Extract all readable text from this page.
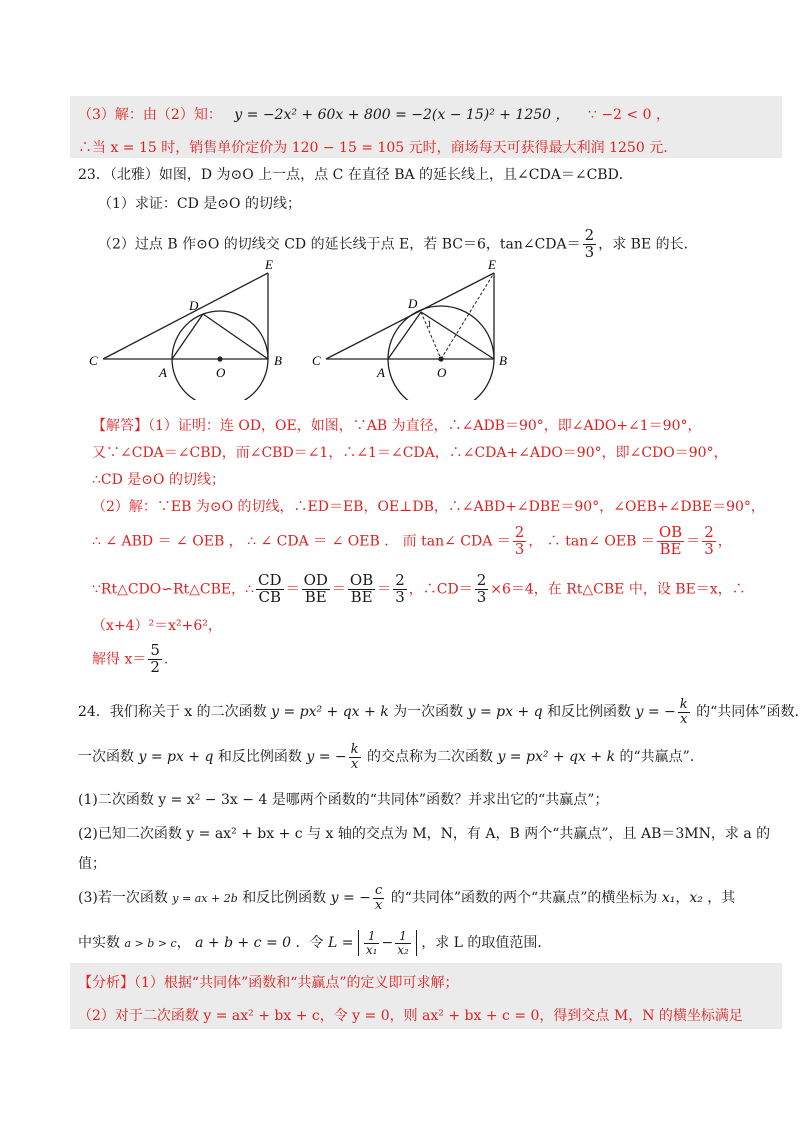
（3）解：由（2）知： y = −2x² + 60x + 800 = −2(x − 15)² + 1250 ， ∵ −2 < 0 ，
∴当 x = 15 时，销售单价定价为 120 − 15 = 105 元时，商场每天可获得最大利润 1250 元.
23．（北雅）如图，D 为⊙O 上一点，点 C 在直径 BA 的延长线上，且∠CDA＝∠CBD．
（1）求证：CD 是⊙O 的切线；
（2）过点 B 作⊙O 的切线交 CD 的延长线于点 E，若 BC＝6，tan∠CDA＝ $\frac{2}{3}$ ，求 BE 的长．
E
D
C
A	O
B
1
E
D
C
A	O
B
【解答】（1）证明：连 OD，OE，如图，∵AB 为直径，∴∠ADB＝90°，即∠ADO+∠1＝90°，
又∵∠CDA＝∠CBD，而∠CBD＝∠1，∴∠1＝∠CDA，∴∠CDA+∠ADO＝90°，即∠CDO＝90°，
∴CD 是⊙O 的切线；
（2）解：∵EB 为⊙O 的切线，∴ED＝EB，OE⊥DB，∴∠ABD+∠DBE＝90°，∠OEB+∠DBE＝90°，
∴ ∠ ABD ＝ ∠ OEB ， ∴ ∠ CDA ＝ ∠ OEB ． 而 tan∠ CDA ＝ $\frac{2}{3}$ ， ∴ tan∠ OEB ＝ $\frac{OB}{BE} = \frac{2}{3}$ ，
∵Rt△CDO∽Rt△CBE，∴ $\frac{CD}{CB} = \frac{OD}{BE} = \frac{OB}{BE} = \frac{2}{3}$ ，∴CD＝ $\frac{2}{3} \times 6=4$，在 Rt△CBE 中，设 BE＝x，∴
（x+4）²＝x²+6²，
解得 $x= \frac{5}{2}$ .
24．我们称关于 x 的二次函数 y = px² + qx + k 为一次函数 y = px + q 和反比例函数 y = − $\frac{k}{x}$ 的“共同体”函数.
一次函数 y = px + q 和反比例函数 y = − $\frac{k}{x}$ 的交点称为二次函数 y = px² + qx + k 的“共赢点”．
(1)二次函数 y = x² − 3x − 4 是哪两个函数的“共同体”函数？并求出它的“共赢点”；
(2)已知二次函数 y = ax² + bx + c 与 x 轴的交点为 M，N，有 A，B 两个“共赢点”，且 AB＝3MN，求 a 的
值；
(3)若一次函数 y = ax + 2b 和反比例函数 y = − $\frac{c}{x}$ 的“共同体”函数的两个“共赢点”的横坐标为 x₁，x₂ ，其
中实数 a > b > c， a + b + c = 0 ．令 $L = \frac{1}{\text{x₁}} - \frac{1}{\text{x₂}}$ ，求 L 的取值范围．
【分析】（1）根据“共同体”函数和“共赢点”的定义即可求解；
（2）对于二次函数 y = ax² + bx + c，令 y = 0，则 ax² + bx + c = 0，得到交点 M，N 的横坐标满足
